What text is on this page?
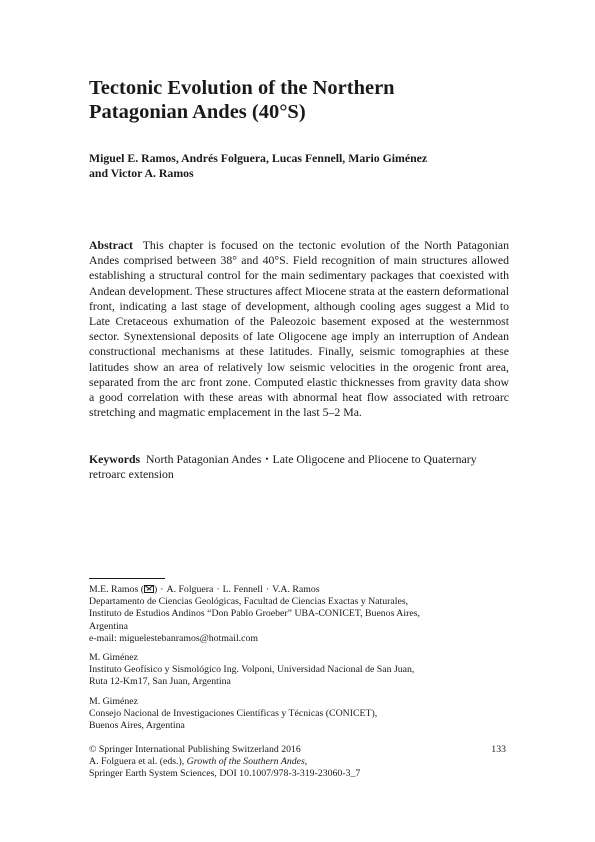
Tectonic Evolution of the Northern
Patagonian Andes (40°S)
Miguel E. Ramos, Andrés Folguera, Lucas Fennell, Mario Giménez
and Victor A. Ramos

Abstract This chapter is focused on the tectonic evolution of the North Patagonian Andes comprised between 38° and 40°S. Field recognition of main structures allowed establishing a structural control for the main sedimentary packages that coexisted with Andean development. These structures affect Miocene strata at the eastern deformational front, indicating a last stage of development, although cooling ages suggest a Mid to Late Cretaceous exhumation of the Paleozoic basement exposed at the westernmost sector. Synextensional deposits of late Oligocene age imply an interruption of Andean constructional mechanisms at these latitudes. Finally, seismic tomographies at these latitudes show an area of relatively low seismic velocities in the orogenic front area, separated from the arc front zone. Computed elastic thicknesses from gravity data show a good correlation with these areas with abnormal heat flow associated with retroarc stretching and magmatic emplacement in the last 5–2 Ma.

Keywords North Patagonian Andes • Late Oligocene and Pliocene to Quaternary retroarc extension

M.E. Ramos ( ) · A. Folguera · L. Fennell · V.A. Ramos
Departamento de Ciencias Geológicas, Facultad de Ciencias Exactas y Naturales,
Instituto de Estudios Andinos “Don Pablo Groeber” UBA-CONICET, Buenos Aires,
Argentina
e-mail: miguelestebanramos@hotmail.com
M. Giménez
Instituto Geofísico y Sismológico Ing. Volponi, Universidad Nacional de San Juan,
Ruta 12-Km17, San Juan, Argentina
M. Giménez
Consejo Nacional de Investigaciones Científicas y Técnicas (CONICET),
Buenos Aires, Argentina
© Springer International Publishing Switzerland 2016
A. Folguera et al. (eds.), Growth of the Southern Andes,
Springer Earth System Sciences, DOI 10.1007/978-3-319-23060-3_7
133
